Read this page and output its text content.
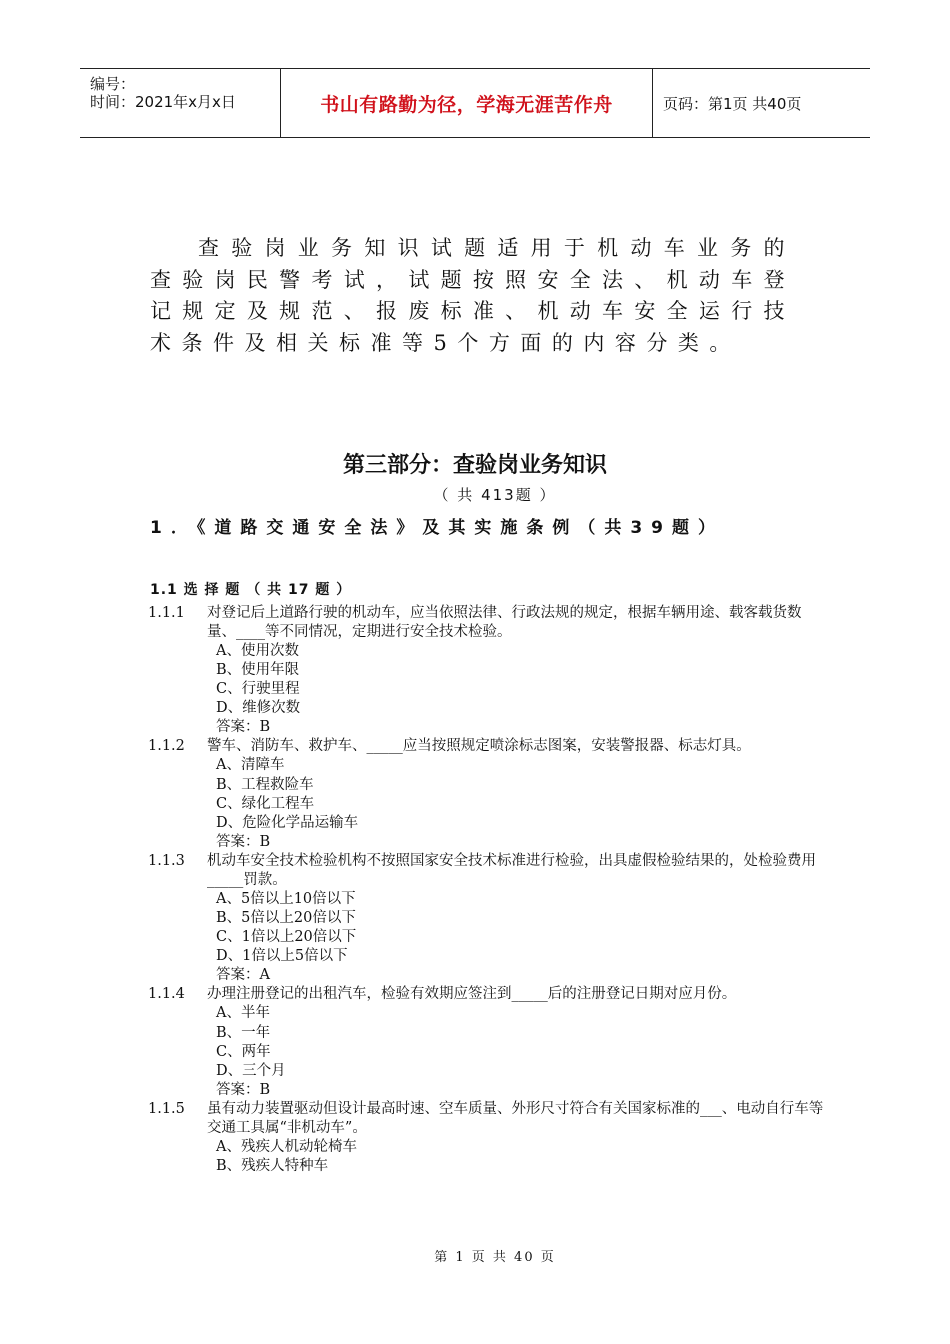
编号：
时间：2021年x月x日	书山有路勤为径，学海无涯苦作舟	页码：第1页 共40页
查验岗业务知识试题适用于机动车业务的查验岗民警考试，试题按照安全法、机动车登记规定及规范、报废标准、机动车安全运行技术条件及相关标准等5个方面的内容分类。
第三部分：查验岗业务知识
（ 共 413题 ）
1．《道路交通安全法》及其实施条例（共39题）
1.1 选 择 题 （ 共 17 题 ）
1.1.1	对登记后上道路行驶的机动车，应当依照法律、行政法规的规定，根据车辆用途、载客载货数量、____等不同情况，定期进行安全技术检验。
A、使用次数
B、使用年限
C、行驶里程
D、维修次数
答案：B
1.1.2	警车、消防车、救护车、_____应当按照规定喷涂标志图案，安装警报器、标志灯具。
A、清障车
B、工程救险车
C、绿化工程车
D、危险化学品运输车
答案：B
1.1.3	机动车安全技术检验机构不按照国家安全技术标准进行检验，出具虚假检验结果的，处检验费用_____罚款。
A、5倍以上10倍以下
B、5倍以上20倍以下
C、1倍以上20倍以下
D、1倍以上5倍以下
答案：A
1.1.4	办理注册登记的出租汽车，检验有效期应签注到_____后的注册登记日期对应月份。
A、半年
B、一年
C、两年
D、三个月
答案：B
1.1.5	虽有动力装置驱动但设计最高时速、空车质量、外形尺寸符合有关国家标准的___、电动自行车等交通工具属“非机动车”。
A、残疾人机动轮椅车
B、残疾人特种车
第 1 页 共 40 页
